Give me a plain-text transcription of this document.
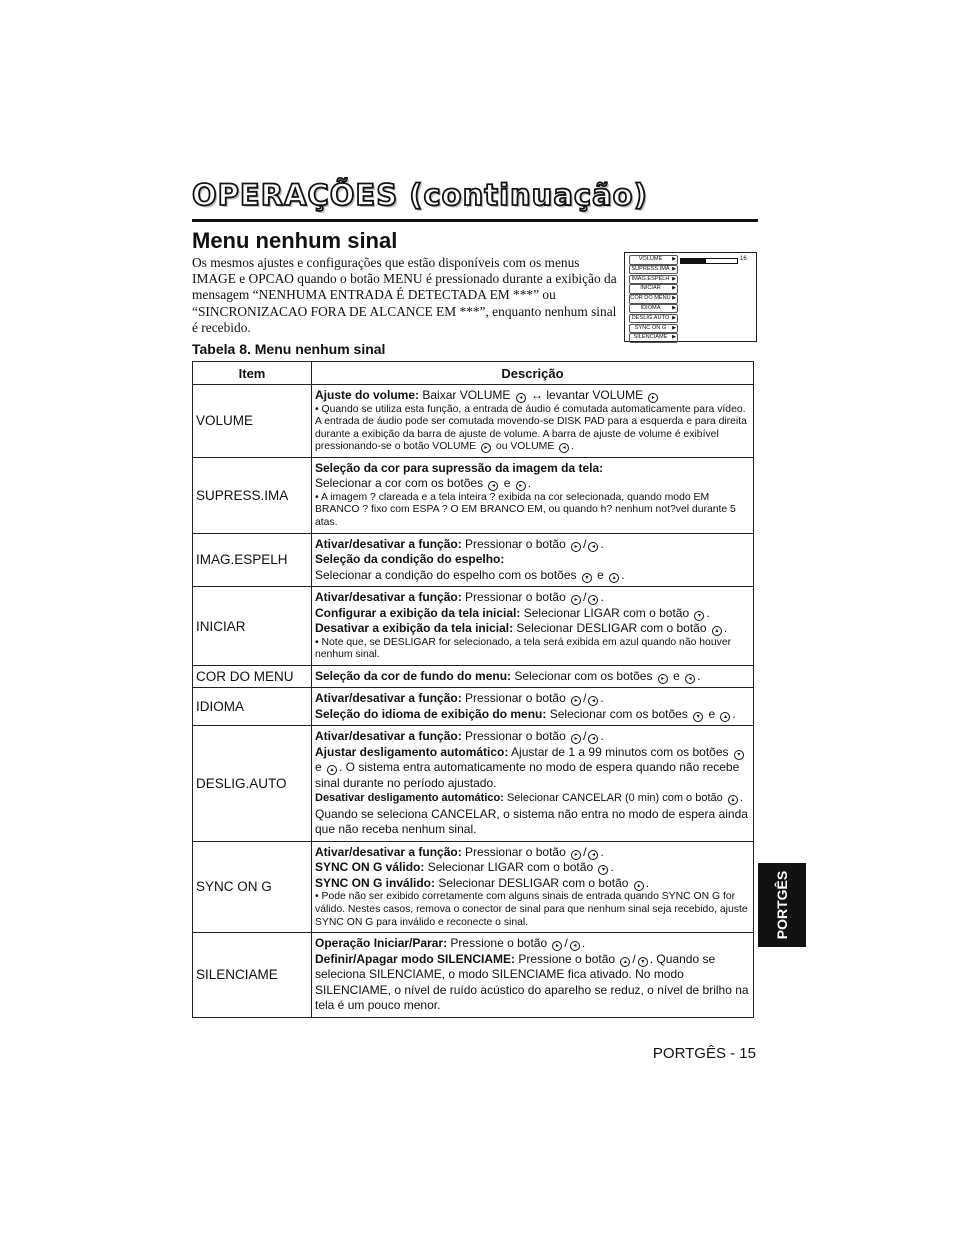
OPERAÇÕES (continuação)
Menu nenhum sinal

Os mesmos ajustes e configurações que estão disponíveis com os menus IMAGE e OPCAO quando o botão MENU é pressionado durante a exibição da mensagem “NENHUMA ENTRADA É DETECTADA EM ***” ou “SINCRONIZACAO FORA DE ALCANCE EM ***”, enquanto nenhum sinal é recebido.

VOLUME	▶
SUPRESS.IMA ▶
IMAG.ESPELH ▶
INICIAR	▶
COR DO MENU ▶
IDIOMA	▶
DESLIG.AUTO ▶
SYNC ON G	▶
SILENCIAME ▶
16
Tabela 8. Menu nenhum sinal
Item	Descrição
VOLUME	Ajuste do volume: Baixar VOLUME ◂ ↔ levantar VOLUME ▸
• Quando se utiliza esta função, a entrada de áudio é comutada automaticamente para vídeo. A entrada de áudio pode ser comutada movendo-se DISK PAD para a esquerda e para direita durante a exibição da barra de ajuste de volume. A barra de ajuste de volume é exibível pressionando-se o botão VOLUME ▸ ou VOLUME ◂ .

SUPRESS.IMA	Seleção da cor para supressão da imagem da tela:
Selecionar a cor com os botões ◂ e ▸ .
• A imagem ? clareada e a tela inteira ? exibida na cor selecionada, quando modo EM BRANCO ? fixo com ESPA ? O EM BRANCO EM, ou quando h? nenhum not?vel durante 5 atas.

IMAG.ESPELH	Ativar/desativar a função: Pressionar o botão ▸ / ◂ .
Seleção da condição do espelho:
Selecionar a condição do espelho com os botões ▾ e ▴ .

INICIAR	Ativar/desativar a função: Pressionar o botão ▸ / ◂ .
Configurar a exibição da tela inicial: Selecionar LIGAR com o botão ▾ .
Desativar a exibição da tela inicial: Selecionar DESLIGAR com o botão ▴ .
• Note que, se DESLIGAR for selecionado, a tela será exibida em azul quando não houver nenhum sinal.

COR DO MENU	Seleção da cor de fundo do menu: Selecionar com os botões ▸ e ◂ .

IDIOMA	Ativar/desativar a função: Pressionar o botão ▸ / ◂ .
Seleção do idioma de exibição do menu: Selecionar com os botões ▾ e ▴ .

DESLIG.AUTO	Ativar/desativar a função: Pressionar o botão ▸ / ◂ .
Ajustar desligamento automático: Ajustar de 1 a 99 minutos com os botões ▾ e ▴ . O sistema entra automaticamente no modo de espera quando não recebe sinal durante no período ajustado.
Desativar desligamento automático: Selecionar CANCELAR (0 min) com o botão ▴ .
Quando se seleciona CANCELAR, o sistema não entra no modo de espera ainda que não receba nenhum sinal.

SYNC ON G	Ativar/desativar a função: Pressionar o botão ▸ / ◂ .
SYNC ON G válido: Selecionar LIGAR com o botão ▾ .
SYNC ON G inválido: Selecionar DESLIGAR com o botão ▴ .
• Pode não ser exibido corretamente com alguns sinais de entrada quando SYNC ON G for válido. Nestes casos, remova o conector de sinal para que nenhum sinal seja recebido, ajuste SYNC ON G para inválido e reconecte o sinal.

SILENCIAME	Operação Iniciar/Parar: Pressione o botão ▸ / ◂ .
Definir/Apagar modo SILENCIAME: Pressione o botão ▴ / ▾ . Quando se seleciona SILENCIAME, o modo SILENCIAME fica ativado. No modo SILENCIAME, o nível de ruído acústico do aparelho se reduz, o nível de brilho na tela é um pouco menor.
PORTGÊS
PORTGÊS - 15
